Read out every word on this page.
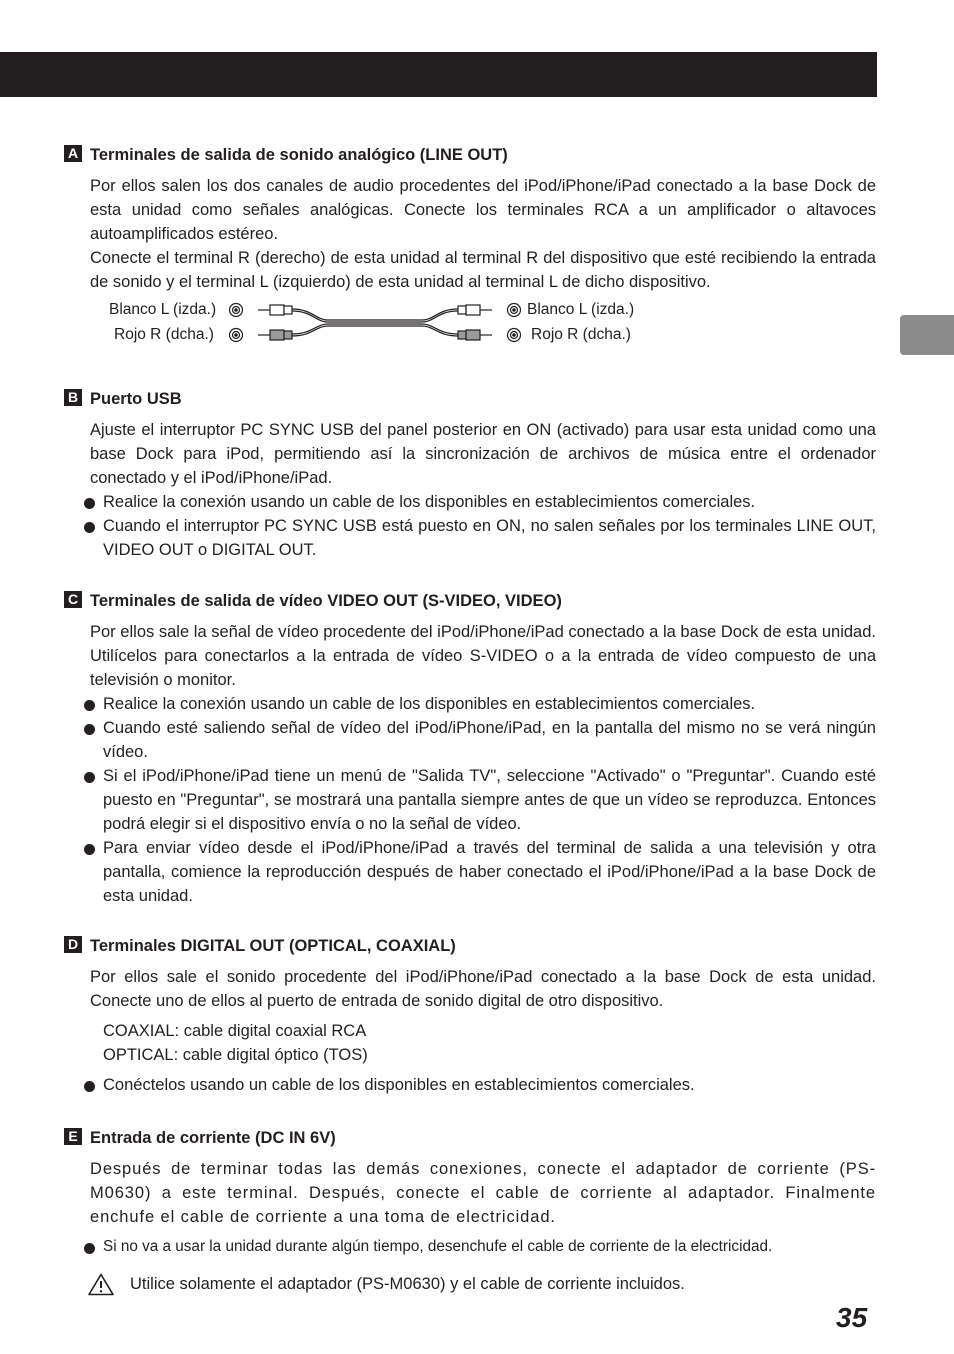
A Terminales de salida de sonido analógico (LINE OUT)
Por ellos salen los dos canales de audio procedentes del iPod/iPhone/iPad conectado a la base Dock de esta unidad como señales analógicas. Conecte los terminales RCA a un amplificador o altavoces autoamplificados estéreo.
Conecte el terminal R (derecho) de esta unidad al terminal R del dispositivo que esté recibiendo la entrada de sonido y el terminal L (izquierdo) de esta unidad al terminal L de dicho dispositivo.
Blanco L (izda.)
Rojo R (dcha.)
Blanco L (izda.)
Rojo R (dcha.)
B Puerto USB
Ajuste el interruptor PC SYNC USB del panel posterior en ON (activado) para usar esta unidad como una base Dock para iPod, permitiendo así la sincronización de archivos de música entre el ordenador conectado y el iPod/iPhone/iPad.
Realice la conexión usando un cable de los disponibles en establecimientos comerciales.
Cuando el interruptor PC SYNC USB está puesto en ON, no salen señales por los terminales LINE OUT, VIDEO OUT o DIGITAL OUT.
C Terminales de salida de vídeo VIDEO OUT (S-VIDEO, VIDEO)
Por ellos sale la señal de vídeo procedente del iPod/iPhone/iPad conectado a la base Dock de esta unidad. Utilícelos para conectarlos a la entrada de vídeo S-VIDEO o a la entrada de vídeo compuesto de una televisión o monitor.
Realice la conexión usando un cable de los disponibles en establecimientos comerciales.
Cuando esté saliendo señal de vídeo del iPod/iPhone/iPad, en la pantalla del mismo no se verá ningún vídeo.
Si el iPod/iPhone/iPad tiene un menú de "Salida TV", seleccione "Activado" o "Preguntar". Cuando esté puesto en "Preguntar", se mostrará una pantalla siempre antes de que un vídeo se reproduzca. Entonces podrá elegir si el dispositivo envía o no la señal de vídeo.
Para enviar vídeo desde el iPod/iPhone/iPad a través del terminal de salida a una televisión y otra pantalla, comience la reproducción después de haber conectado el iPod/iPhone/iPad a la base Dock de esta unidad.
D Terminales DIGITAL OUT (OPTICAL, COAXIAL)
Por ellos sale el sonido procedente del iPod/iPhone/iPad conectado a la base Dock de esta unidad. Conecte uno de ellos al puerto de entrada de sonido digital de otro dispositivo.
COAXIAL: cable digital coaxial RCA
OPTICAL: cable digital óptico (TOS)
Conéctelos usando un cable de los disponibles en establecimientos comerciales.
E Entrada de corriente (DC IN 6V)
Después de terminar todas las demás conexiones, conecte el adaptador de corriente (PS-M0630) a este terminal. Después, conecte el cable de corriente al adaptador. Finalmente enchufe el cable de corriente a una toma de electricidad.
Si no va a usar la unidad durante algún tiempo, desenchufe el cable de corriente de la electricidad.
Utilice solamente el adaptador (PS-M0630) y el cable de corriente incluidos.
35
